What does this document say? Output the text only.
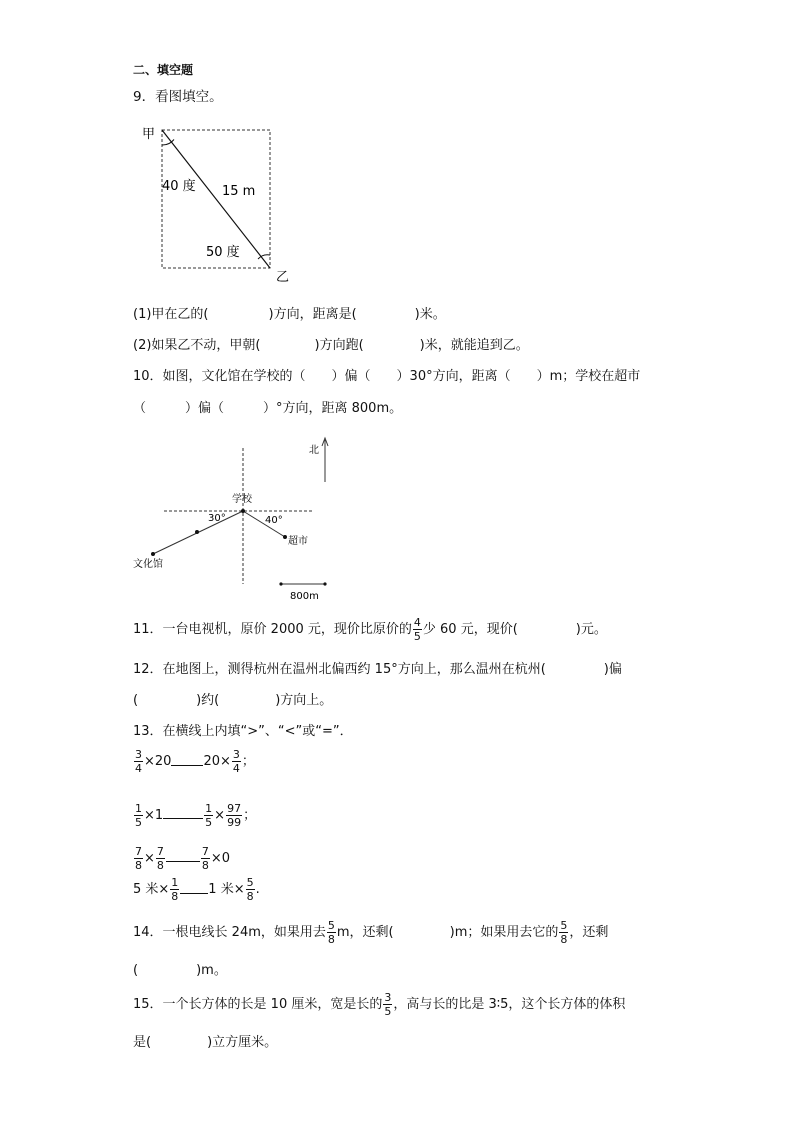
二、填空题
9．看图填空。
甲
乙
40 度 15 m
50 度
(1)甲在乙的(	)方向，距离是(	)米。
(2)如果乙不动，甲朝(	)方向跑(	)米，就能追到乙。
10．如图，文化馆在学校的（　　）偏（　　）30°方向，距离（　　）m；学校在超市
（　　　）偏（　　　）°方向，距离 800m。
北
学校
30°	40°
超市
文化馆
800m
11．一台电视机，原价 2000 元，现价比原价的 $\frac{4}{5}$ 少 60 元，现价(	)元。
12．在地图上，测得杭州在温州北偏西约 15°方向上，那么温州在杭州(	)偏
(	)约(	)方向上。
13．在横线上内填“>”、“<”或“=”．
$\frac{3}{4} \times 20$ $20\times \frac{3}{4}$ ；
$\frac{1}{5} \times 1$	$\frac{1}{5} \times \frac{97}{99}$ ；
$\frac{7}{8} \times \frac{7}{8}$	$\frac{7}{8} \times 0$
5 米× $\frac{1}{8} 1$ 米× $\frac{5}{8}$ .
14．一根电线长 24m，如果用去 $\frac{5}{8}$ m，还剩(	)m；如果用去它的 $\frac{5}{8}$ ，还剩
(	)m。
15．一个长方体的长是 10 厘米，宽是长的 $\frac{3}{5}$ ，高与长的比是 3∶5，这个长方体的体积
是(	)立方厘米。
